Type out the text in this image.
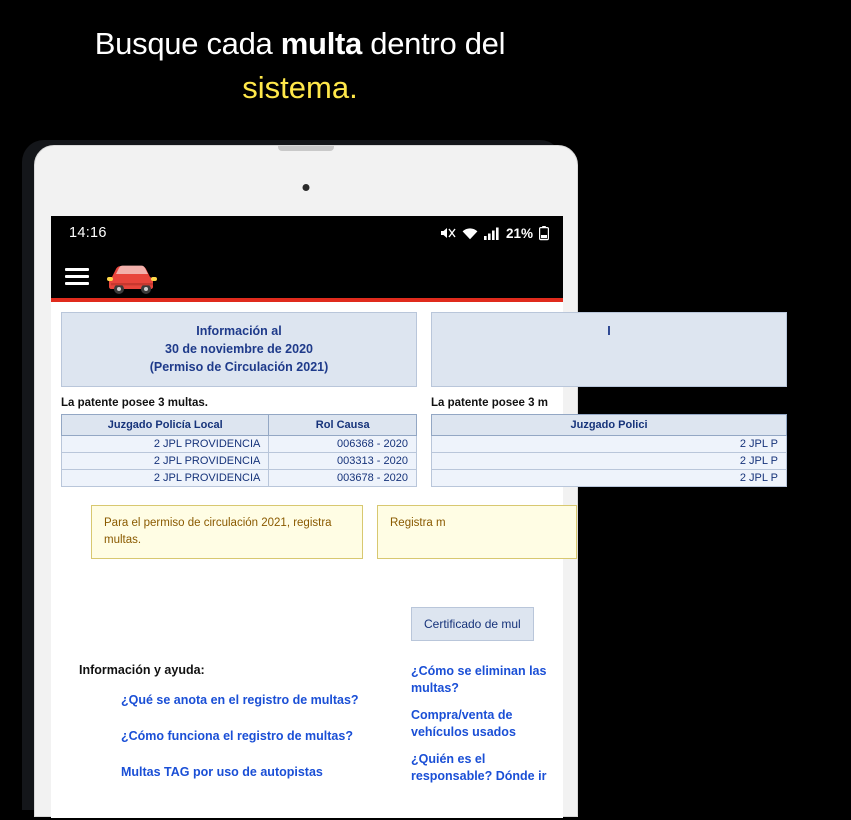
Busque cada multa dentro del
sistema.
14:16	21%
Información al
30 de noviembre de 2020
(Permiso de Circulación 2021)
I
La patente posee 3 multas.
Juzgado Policía Local	Rol Causa
2 JPL PROVIDENCIA	006368 - 2020
2 JPL PROVIDENCIA	003313 - 2020
2 JPL PROVIDENCIA	003678 - 2020
La patente posee 3 m
Juzgado Polici
2 JPL P
2 JPL P
2 JPL P
Para el permiso de circulación 2021, registra multas.
Registra m
Certificado de mul
Información y ayuda:
¿Qué se anota en el registro de multas?
¿Cómo funciona el registro de multas?
Multas TAG por uso de autopistas
¿Cómo se eliminan las multas?
Compra/venta de vehículos usados
¿Quién es el responsable? Dónde ir
